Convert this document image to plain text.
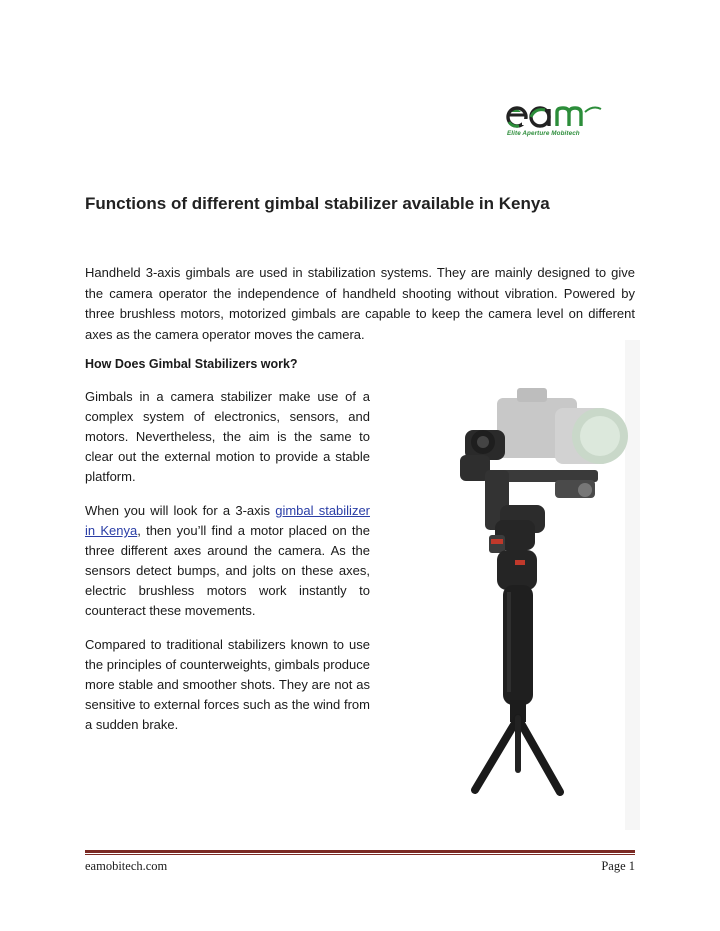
Elite Aperture Mobitech
Functions of different gimbal stabilizer available in Kenya

Handheld 3-axis gimbals are used in stabilization systems. They are mainly designed to give the camera operator the independence of handheld shooting without vibration. Powered by three brushless motors, motorized gimbals are capable to keep the camera level on different axes as the camera operator moves the camera.

How Does Gimbal Stabilizers work?

Gimbals in a camera stabilizer make use of a complex system of electronics, sensors, and motors. Nevertheless, the aim is the same to clear out the external motion to provide a stable platform.

When you will look for a 3-axis gimbal stabilizer in Kenya, then you’ll find a motor placed on the three different axes around the camera. As the sensors detect bumps, and jolts on these axes, electric brushless motors work instantly to counteract these movements.

Compared to traditional stabilizers known to use the principles of counterweights, gimbals produce more stable and smoother shots. They are not as sensitive to external forces such as the wind from a sudden brake.

eamobitech.com	Page 1
